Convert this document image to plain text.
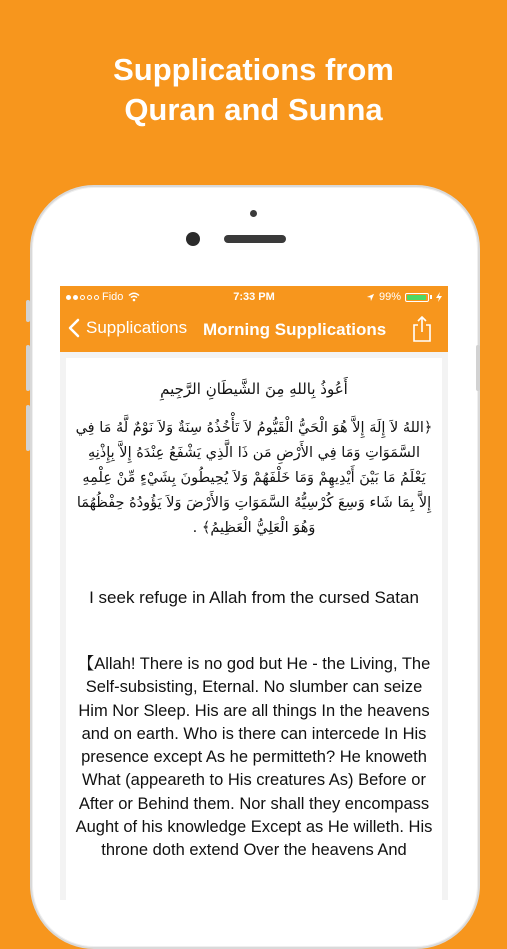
Supplications from
Quran and Sunna
Fido	7:33 PM	99%
Supplications Morning Supplications
أَعُوذُ بِاللهِ مِنَ الشَّيطَانِ الرَّجِيمِ
﴿اللهُ لاَ إِلَهَ إِلاَّ هُوَ الْحَيُّ الْقَيُّومُ لاَ تَأْخُذُهُ سِنَةٌ وَلاَ نَوْمٌ لَّهُ مَا فِي السَّمَوَاتِ وَمَا فِي الأَرْضِ مَن ذَا الَّذِي يَشْفَعُ عِنْدَهُ إِلاَّ بِإِذْنِهِ يَعْلَمُ مَا بَيْنَ أَيْدِيهِمْ وَمَا خَلْفَهُمْ وَلاَ يُحِيطُونَ بِشَيْءٍ مِّنْ عِلْمِهِ إِلاَّ بِمَا شَاء وَسِعَ كُرْسِيُّهُ السَّمَوَاتِ وَالأَرْضَ وَلاَ يَؤُودُهُ حِفْظُهُمَا وَهُوَ الْعَلِيُّ الْعَظِيمُ﴾ .
I seek refuge in Allah from the cursed Satan
【Allah! There is no god but He - the Living, The Self-subsisting, Eternal. No slumber can seize Him Nor Sleep. His are all things In the heavens and on earth. Who is there can intercede In His presence except As he permitteth? He knoweth What (appeareth to His creatures As) Before or After or Behind them. Nor shall they encompass Aught of his knowledge Except as He willeth. His throne doth extend Over the heavens And
